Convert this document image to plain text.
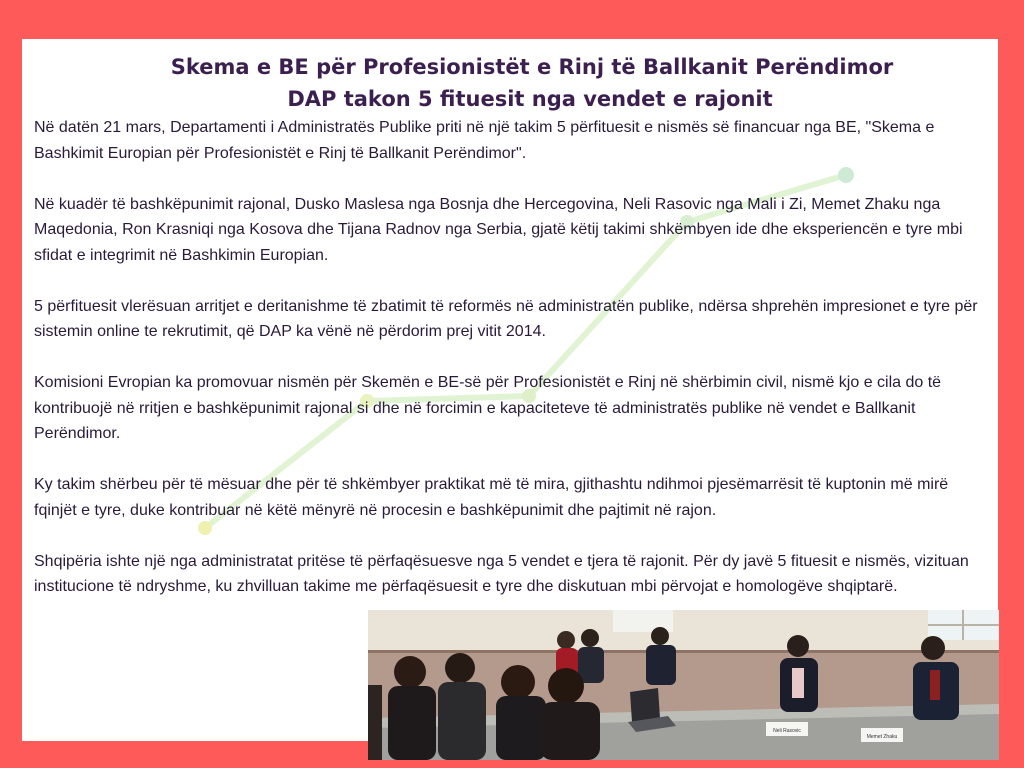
Skema e BE për Profesionistët e Rinj të Ballkanit Perëndimor
DAP takon 5 fituesit nga vendet e rajonit

Në datën 21 mars, Departamenti i Administratës Publike priti në një takim 5 përfituesit e nismës së financuar nga BE, "Skema e Bashkimit Europian për Profesionistët e Rinj të Ballkanit Perëndimor".

Në kuadër të bashkëpunimit rajonal, Dusko Maslesa nga Bosnja dhe Hercegovina, Neli Rasovic nga Mali i Zi, Memet Zhaku nga Maqedonia, Ron Krasniqi nga Kosova dhe Tijana Radnov nga Serbia, gjatë këtij takimi shkëmbyen ide dhe eksperiencën e tyre mbi sfidat e integrimit në Bashkimin Europian.

5 përfituesit vlerësuan arritjet e deritanishme të zbatimit të reformës në administratën publike, ndërsa shprehën impresionet e tyre për sistemin online te rekrutimit, që DAP ka vënë në përdorim prej vitit 2014.

Komisioni Evropian ka promovuar nismën për Skemën e BE-së për Profesionistët e Rinj në shërbimin civil, nismë kjo e cila do të kontribuojë në rritjen e bashkëpunimit rajonal si dhe në forcimin e kapaciteteve të administratës publike në vendet e Ballkanit Perëndimor.

Ky takim shërbeu për të mësuar dhe për të shkëmbyer praktikat më të mira, gjithashtu ndihmoi pjesëmarrësit të kuptonin më mirë fqinjët e tyre, duke kontribuar në këtë mënyrë në procesin e bashkëpunimit dhe pajtimit në rajon.

Shqipëria ishte një nga administratat pritëse të përfaqësuesve nga 5 vendet e tjera të rajonit. Për dy javë 5 fituesit e nismës, vizituan institucione të ndryshme, ku zhvilluan takime me përfaqësuesit e tyre dhe diskutuan mbi përvojat e homologëve shqiptarë.

Neli Rasovic
Memet Zhaku
